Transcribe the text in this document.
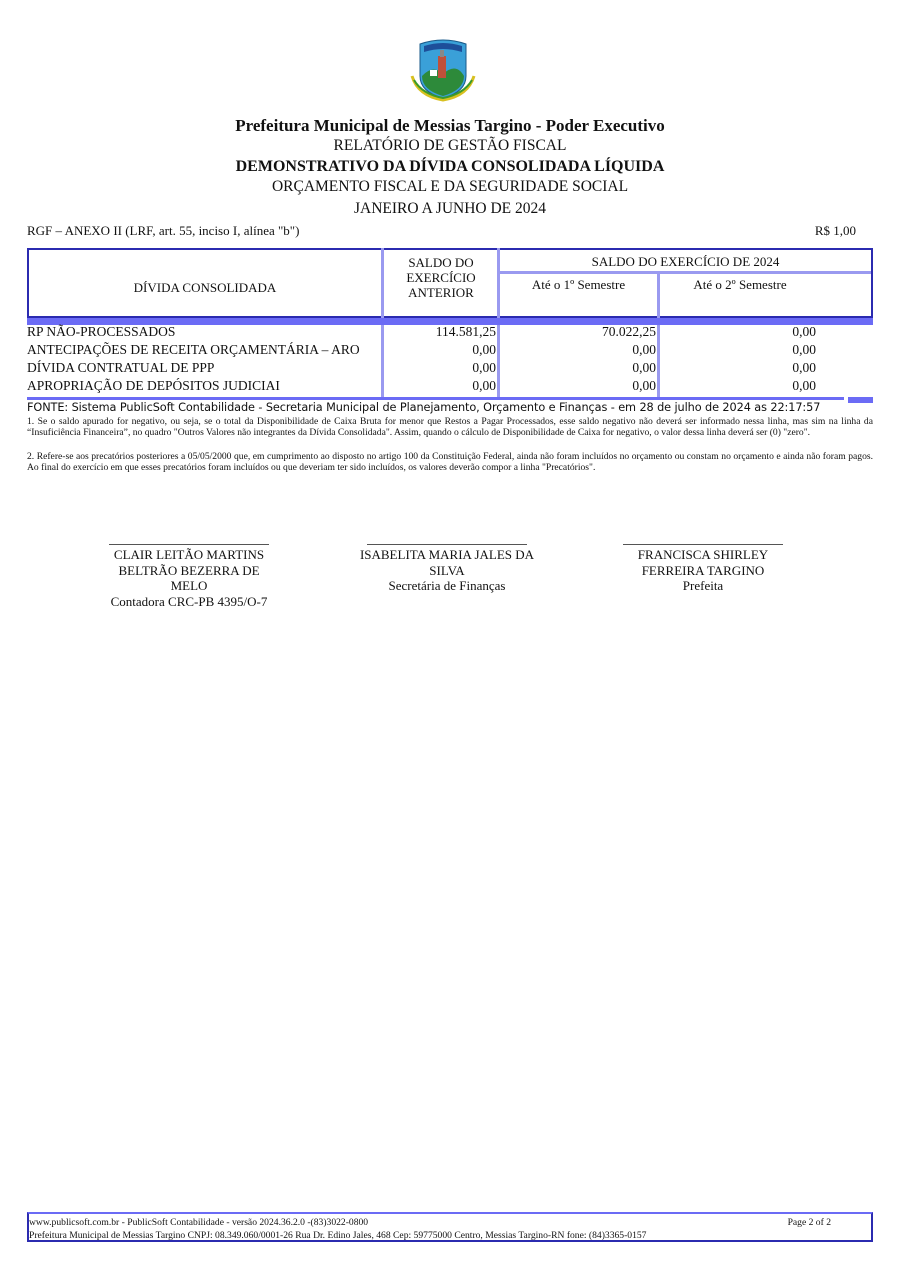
Prefeitura Municipal de Messias Targino - Poder Executivo
RELATÓRIO DE GESTÃO FISCAL
DEMONSTRATIVO DA DÍVIDA CONSOLIDADA LÍQUIDA
ORÇAMENTO FISCAL E DA SEGURIDADE SOCIAL
JANEIRO A JUNHO DE 2024
RGF – ANEXO II (LRF, art. 55, inciso I, alínea "b")	R$ 1,00
DÍVIDA CONSOLIDADA
SALDO DO EXERCÍCIO ANTERIOR
SALDO DO EXERCÍCIO DE 2024
Até o 1º Semestre	Até o 2º Semestre
RP NÃO-PROCESSADOS	114.581,25	70.022,25	0,00
ANTECIPAÇÕES DE RECEITA ORÇAMENTÁRIA – ARO	0,00	0,00	0,00
DÍVIDA CONTRATUAL DE PPP	0,00	0,00	0,00
APROPRIAÇÃO DE DEPÓSITOS JUDICIAI	0,00	0,00	0,00
FONTE: Sistema PublicSoft Contabilidade - Secretaria Municipal de Planejamento, Orçamento e Finanças - em 28 de julho de 2024 as 22:17:57
1. Se o saldo apurado for negativo, ou seja, se o total da Disponibilidade de Caixa Bruta for menor que Restos a Pagar Processados, esse saldo negativo não deverá ser informado nessa linha, mas sim na linha da “Insuficiência Financeira”, no quadro "Outros Valores não integrantes da Dívida Consolidada". Assim, quando o cálculo de Disponibilidade de Caixa for negativo, o valor dessa linha deverá ser (0) "zero".
2. Refere-se aos precatórios posteriores a 05/05/2000 que, em cumprimento ao disposto no artigo 100 da Constituição Federal, ainda não foram incluídos no orçamento ou constam no orçamento e ainda não foram pagos. Ao final do exercício em que esses precatórios foram incluídos ou que deveriam ter sido incluídos, os valores deverão compor a linha "Precatórios".
CLAIR LEITÃO MARTINS BELTRÃO BEZERRA DE MELO
Contadora CRC-PB 4395/O-7
ISABELITA MARIA JALES DA SILVA
Secretária de Finanças
FRANCISCA SHIRLEY FERREIRA TARGINO
Prefeita
www.publicsoft.com.br - PublicSoft Contabilidade - versão 2024.36.2.0 -(83)3022-0800	Page 2 of 2
Prefeitura Municipal de Messias Targino CNPJ: 08.349.060/0001-26 Rua Dr. Edino Jales, 468 Cep: 59775000 Centro, Messias Targino-RN fone: (84)3365-0157
